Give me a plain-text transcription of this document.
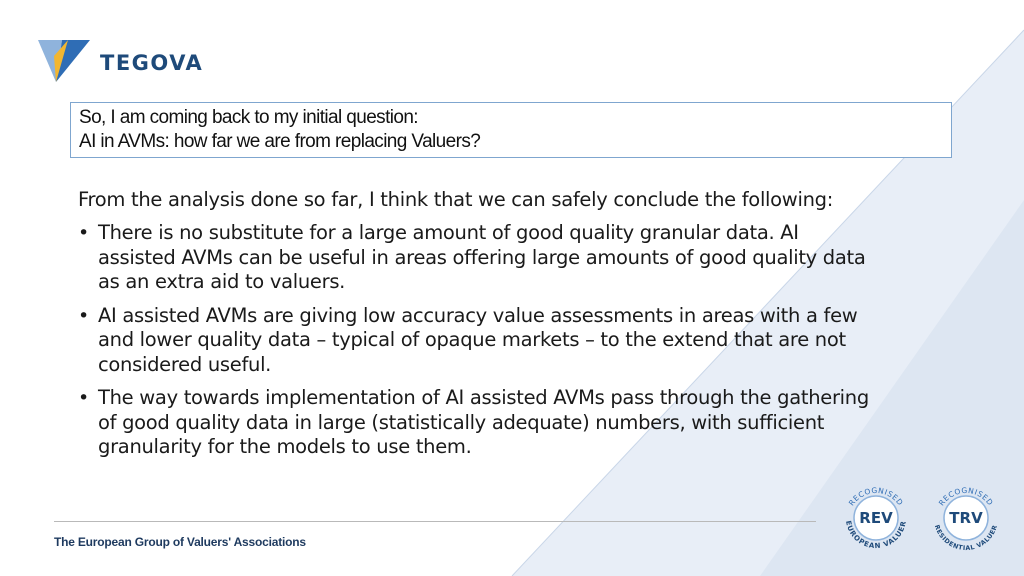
TEGOVA
So, I am coming back to my initial question:
AI in AVMs: how far we are from replacing Valuers?
From the analysis done so far, I think that we can safely conclude the following:
• There is no substitute for a large amount of good quality granular data. AI
assisted AVMs can be useful in areas offering large amounts of good quality data
as an extra aid to valuers.
• AI assisted AVMs are giving low accuracy value assessments in areas with a few
and lower quality data – typical of opaque markets – to the extend that are not
considered useful.
• The way towards implementation of AI assisted AVMs pass through the gathering
of good quality data in large (statistically adequate) numbers, with sufficient
granularity for the models to use them.
The European Group of Valuers' Associations
RECOGNISED
REV
EUROPEAN VALUER
RECOGNISED
TRV
RESIDENTIAL VALUER
